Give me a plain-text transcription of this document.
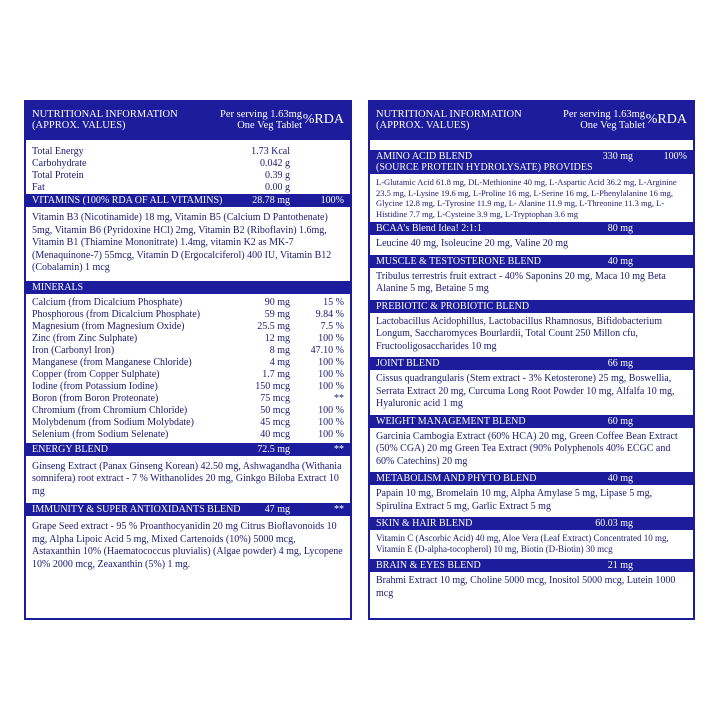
NUTRITIONAL INFORMATION
(APPROX. VALUES)
Per serving 1.63mg
One Veg Tablet %RDA
Total Energy	1.73 Kcal
Carbohydrate	0.042 g
Total Protein	0.39 g
Fat	0.00 g
VITAMINS (100% RDA OF ALL VITAMINS)	28.78 mg	100%
Vitamin B3 (Nicotinamide) 18 mg, Vitamin B5 (Calcium D Pantothenate) 5mg, Vitamin B6 (Pyridoxine HCl) 2mg, Vitamin B2 (Riboflavin) 1.6mg, Vitamin B1 (Thiamine Mononitrate) 1.4mg, vitamin K2 as MK-7 (Menaquinone-7) 55mcg, Vitamin D (Ergocalciferol) 400 IU, Vitamin B12 (Cobalamin) 1 mcg
MINERALS
Calcium (from Dicalcium Phosphate)	90 mg	15 %
Phosphorous (from Dicalcium Phosphate)	59 mg	9.84 %
Magnesium (from Magnesium Oxide)	25.5 mg	7.5 %
Zinc (from Zinc Sulphate)	12 mg	100 %
Iron (Carbonyl Iron)	8 mg 47.10 %
Manganese (from Manganese Chloride)	4 mg	100 %
Copper (from Copper Sulphate)	1.7 mg	100 %
Iodine (from Potassium Iodine)	150 mcg	100 %
Boron (from Boron Proteonate)	75 mcg	**
Chromium (from Chromium Chloride)	50 mcg	100 %
Molybdenum (from Sodium Molybdate)	45 mcg	100 %
Selenium (from Sodium Selenate)	40 mcg	100 %
ENERGY BLEND	72.5 mg	**
Ginseng Extract (Panax Ginseng Korean) 42.50 mg, Ashwagandha (Withania somnifera) root extract - 7 % Withanolides 20 mg, Ginkgo Biloba Extract 10 mg
IMMUNITY & SUPER ANTIOXIDANTS BLEND 47 mg	**
Grape Seed extract - 95 % Proanthocyanidin 20 mg Citrus Bioflavonoids 10 mg, Alpha Lipoic Acid 5 mg, Mixed Cartenoids (10%) 5000 mcg, Astaxanthin 10% (Haematococcus pluvialis) (Algae powder) 4 mg, Lycopene 10% 2000 mcg, Zeaxanthin (5%) 1 mg.
NUTRITIONAL INFORMATION
(APPROX. VALUES)
Per serving 1.63mg
One Veg Tablet %RDA
AMINO ACID BLEND
(SOURCE PROTEIN HYDROLYSATE) PROVIDES
330 mg	100%
L-Glutamic Acid 61.8 mg, DL-Methionine 40 mg, L-Aspartic Acid 36.2 mg, L-Arginine 23.5 mg, L-Lysine 19.6 mg, L-Proline 16 mg, L-Serine 16 mg, L-Phenylalanine 16 mg, Glycine 12.8 mg, L-Tyrosine 11.9 mg, L- Alanine 11.9 mg, L-Threonine 11.3 mg, L-Histidine 7.7 mg, L-Cysteine 3.9 mg, L-Tryptophan 3.6 mg
BCAA’s Blend Idea! 2:1:1	80 mg
Leucine 40 mg, Isoleucine 20 mg, Valine 20 mg
MUSCLE & TESTOSTERONE BLEND	40 mg
Tribulus terrestris fruit extract - 40% Saponins 20 mg, Maca 10 mg Beta Alanine 5 mg, Betaine 5 mg
PREBIOTIC & PROBIOTIC BLEND
Lactobacillus Acidophillus, Lactobacillus Rhamnosus, Bifidobacterium Longum, Saccharomyces Bourlardii, Total Count 250 Millon cfu, Fructooligosaccharides 10 mg
JOINT BLEND	66 mg
Cissus quadrangularis (Stem extract - 3% Ketosterone) 25 mg, Boswellia, Serrata Extract 20 mg, Curcuma Long Root Powder 10 mg, Alfalfa 10 mg, Hyaluronic acid 1 mg
WEIGHT MANAGEMENT BLEND	60 mg
Garcinia Cambogia Extract (60% HCA) 20 mg, Green Coffee Bean Extract (50% CGA) 20 mg Green Tea Extract (90% Polyphenols 40% ECGC and 60% Catechins) 20 mg
METABOLISM AND PHYTO BLEND	40 mg
Papain 10 mg, Bromelain 10 mg, Alpha Amylase 5 mg, Lipase 5 mg, Spirulina Extract 5 mg, Garlic Extract 5 mg
SKIN & HAIR BLEND	60.03 mg
Vitamin C (Ascorbic Acid) 40 mg, Aloe Vera (Leaf Extract) Concentrated 10 mg, Vitamin E (D-alpha-tocopherol) 10 mg, Biotin (D-Biotin) 30 mcg
BRAIN & EYES BLEND	21 mg
Brahmi Extract 10 mg, Choline 5000 mcg, Inositol 5000 mcg, Lutein 1000 mcg
